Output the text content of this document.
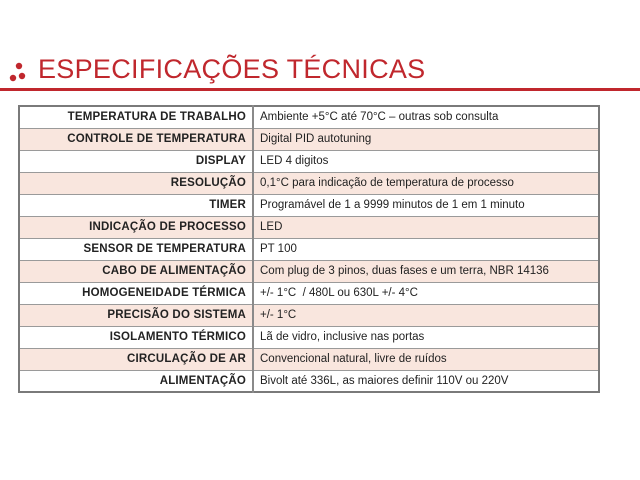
ESPECIFICAÇÕES TÉCNICAS
TEMPERATURA DE TRABALHO	Ambiente +5°C até 70°C – outras sob consulta
CONTROLE DE TEMPERATURA	Digital PID autotuning
DISPLAY	LED 4 digitos
RESOLUÇÃO	0,1°C para indicação de temperatura de processo
TIMER	Programável de 1 a 9999 minutos de 1 em 1 minuto
INDICAÇÃO DE PROCESSO	LED
SENSOR DE TEMPERATURA	PT 100
CABO DE ALIMENTAÇÃO	Com plug de 3 pinos, duas fases e um terra, NBR 14136
HOMOGENEIDADE TÉRMICA	+/- 1°C  / 480L ou 630L +/- 4°C
PRECISÃO DO SISTEMA	+/- 1°C
ISOLAMENTO TÉRMICO	Lã de vidro, inclusive nas portas
CIRCULAÇÃO DE AR	Convencional natural, livre de ruídos
ALIMENTAÇÃO	Bivolt até 336L, as maiores definir 110V ou 220V
